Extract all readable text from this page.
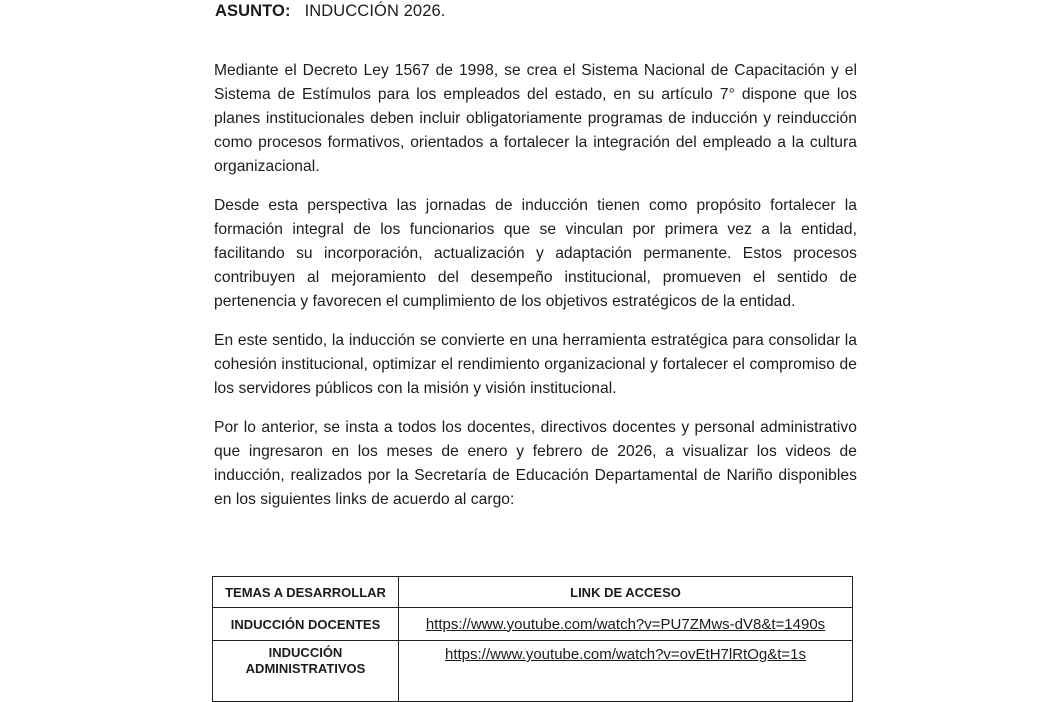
ASUNTO: INDUCCIÓN 2026.

Mediante el Decreto Ley 1567 de 1998, se crea el Sistema Nacional de Capacitación y el Sistema de Estímulos para los empleados del estado, en su artículo 7° dispone que los planes institucionales deben incluir obligatoriamente programas de inducción y reinducción como procesos formativos, orientados a fortalecer la integración del empleado a la cultura organizacional.

Desde esta perspectiva las jornadas de inducción tienen como propósito fortalecer la formación integral de los funcionarios que se vinculan por primera vez a la entidad, facilitando su incorporación, actualización y adaptación permanente. Estos procesos contribuyen al mejoramiento del desempeño institucional, promueven el sentido de pertenencia y favorecen el cumplimiento de los objetivos estratégicos de la entidad.

En este sentido, la inducción se convierte en una herramienta estratégica para consolidar la cohesión institucional, optimizar el rendimiento organizacional y fortalecer el compromiso de los servidores públicos con la misión y visión institucional.

Por lo anterior, se insta a todos los docentes, directivos docentes y personal administrativo que ingresaron en los meses de enero y febrero de 2026, a visualizar los videos de inducción, realizados por la Secretaría de Educación Departamental de Nariño disponibles en los siguientes links de acuerdo al cargo:

TEMAS A DESARROLLAR	LINK DE ACCESO
INDUCCIÓN DOCENTES	https://www.youtube.com/watch?v=PU7ZMws-dV8&t=1490s
INDUCCIÓN ADMINISTRATIVOS	https://www.youtube.com/watch?v=ovEtH7lRtOg&t=1s
